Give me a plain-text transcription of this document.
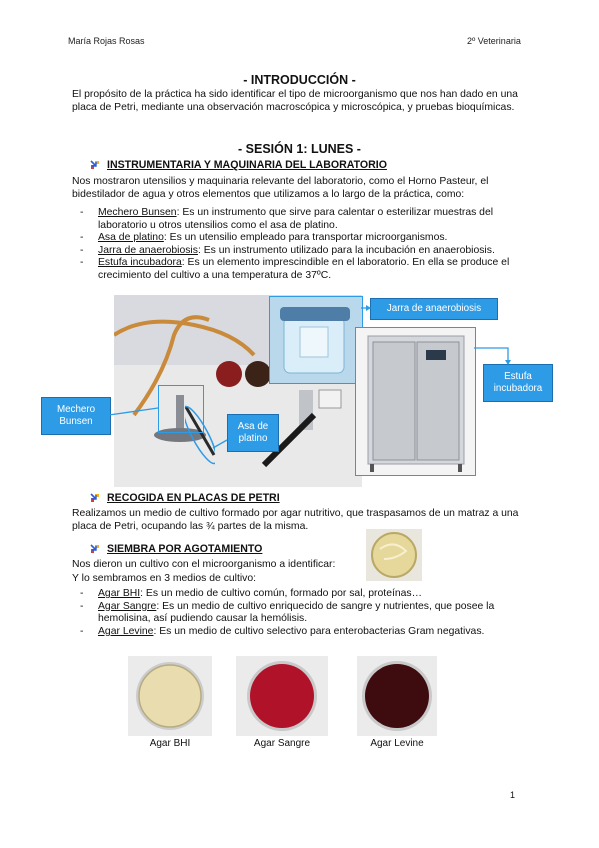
María Rojas Rosas	2º Veterinaria
- INTRODUCCIÓN -
El propósito de la práctica ha sido identificar el tipo de microorganismo que nos han dado en una placa de Petri, mediante una observación macroscópica y microscópica, y pruebas bioquímicas.
- SESIÓN 1: LUNES -
INSTRUMENTARIA Y MAQUINARIA DEL LABORATORIO
Nos mostraron utensilios y maquinaria relevante del laboratorio, como el Horno Pasteur, el bidestilador de agua y otros elementos que utilizamos a lo largo de la práctica, como:
- Mechero Bunsen: Es un instrumento que sirve para calentar o esterilizar muestras del laboratorio u otros utensilios como el asa de platino.
- Asa de platino: Es un utensilio empleado para transportar microorganismos.
- Jarra de anaerobiosis: Es un instrumento utilizado para la incubación en anaerobiosis.
- Estufa incubadora: Es un elemento imprescindible en el laboratorio. En ella se produce el crecimiento del cultivo a una temperatura de 37ºC.
Jarra de anaerobiosis
Estufa incubadora
Mechero Bunsen	Asa de platino
RECOGIDA EN PLACAS DE PETRI
Realizamos un medio de cultivo formado por agar nutritivo, que traspasamos de un matraz a una placa de Petri, ocupando las ¾ partes de la misma.
SIEMBRA POR AGOTAMIENTO
Nos dieron un cultivo con el microorganismo a identificar:
Y lo sembramos en 3 medios de cultivo:
- Agar BHI: Es un medio de cultivo común, formado por sal, proteínas…
- Agar Sangre: Es un medio de cultivo enriquecido de sangre y nutrientes, que posee la hemolisina, así pudiendo causar la hemólisis.
- Agar Levine: Es un medio de cultivo selectivo para enterobacterias Gram negativas.
Agar BHI	Agar Sangre	Agar Levine
1
